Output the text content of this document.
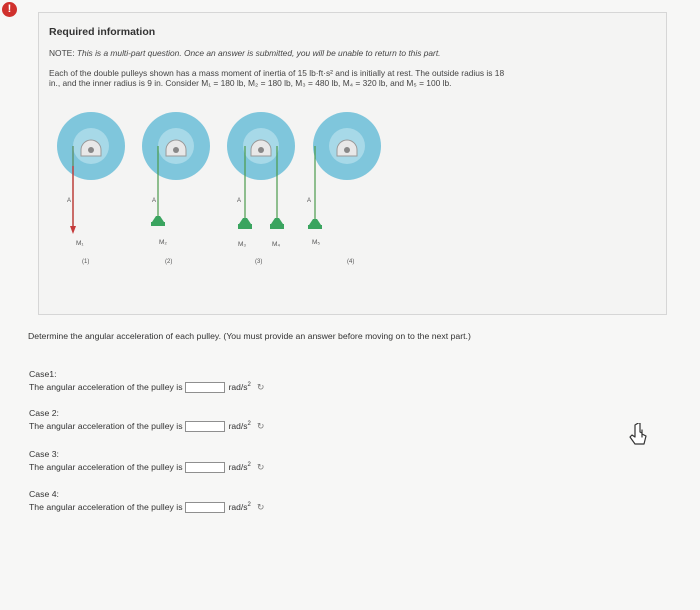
!
Required information
NOTE: This is a multi-part question. Once an answer is submitted, you will be unable to return to this part.
Each of the double pulleys shown has a mass moment of inertia of 15 lb·ft·s² and is initially at rest. The outside radius is 18
in., and the inner radius is 9 in. Consider M₁ = 180 lb, M₂ = 180 lb, M₃ = 480 lb, M₄ = 320 lb, and M₅ = 100 lb.
A
M₁
(1)
A
M₂
(2)
A
M₃	M₄
(3)
A
M₅
(4)
Determine the angular acceleration of each pulley. (You must provide an answer before moving on to the next part.)
Case1:
The angular acceleration of the pulley is	rad/$s^2$ ↻
Case 2:
The angular acceleration of the pulley is	rad/$s^2$ ↻
Case 3:
The angular acceleration of the pulley is	rad/$s^2$ ↻
Case 4:
The angular acceleration of the pulley is	rad/$s^2$ ↻
